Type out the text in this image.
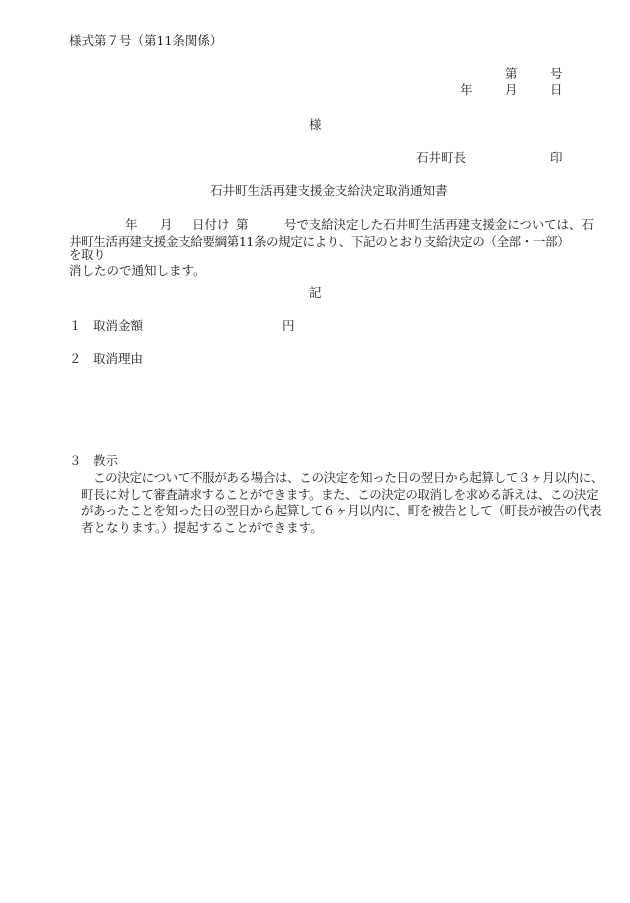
様式第７号（第11条関係）
第	号
年	月	日
様
石井町長	印
石井町生活再建支援金支給決定取消通知書
年 月 日付け 第	号で支給決定した石井町生活再建支援金については、石
井町生活再建支援金支給要綱第11条の規定により、下記のとおり支給決定の（全部・一部）を取り
消したので通知します。
記
１ 取消金額	円
２ 取消理由
３ 教示
この決定について不服がある場合は、この決定を知った日の翌日から起算して３ヶ月以内に、
町長に対して審査請求することができます。また、この決定の取消しを求める訴えは、この決定
があったことを知った日の翌日から起算して６ヶ月以内に、町を被告として（町長が被告の代表
者となります。）提起することができます。
